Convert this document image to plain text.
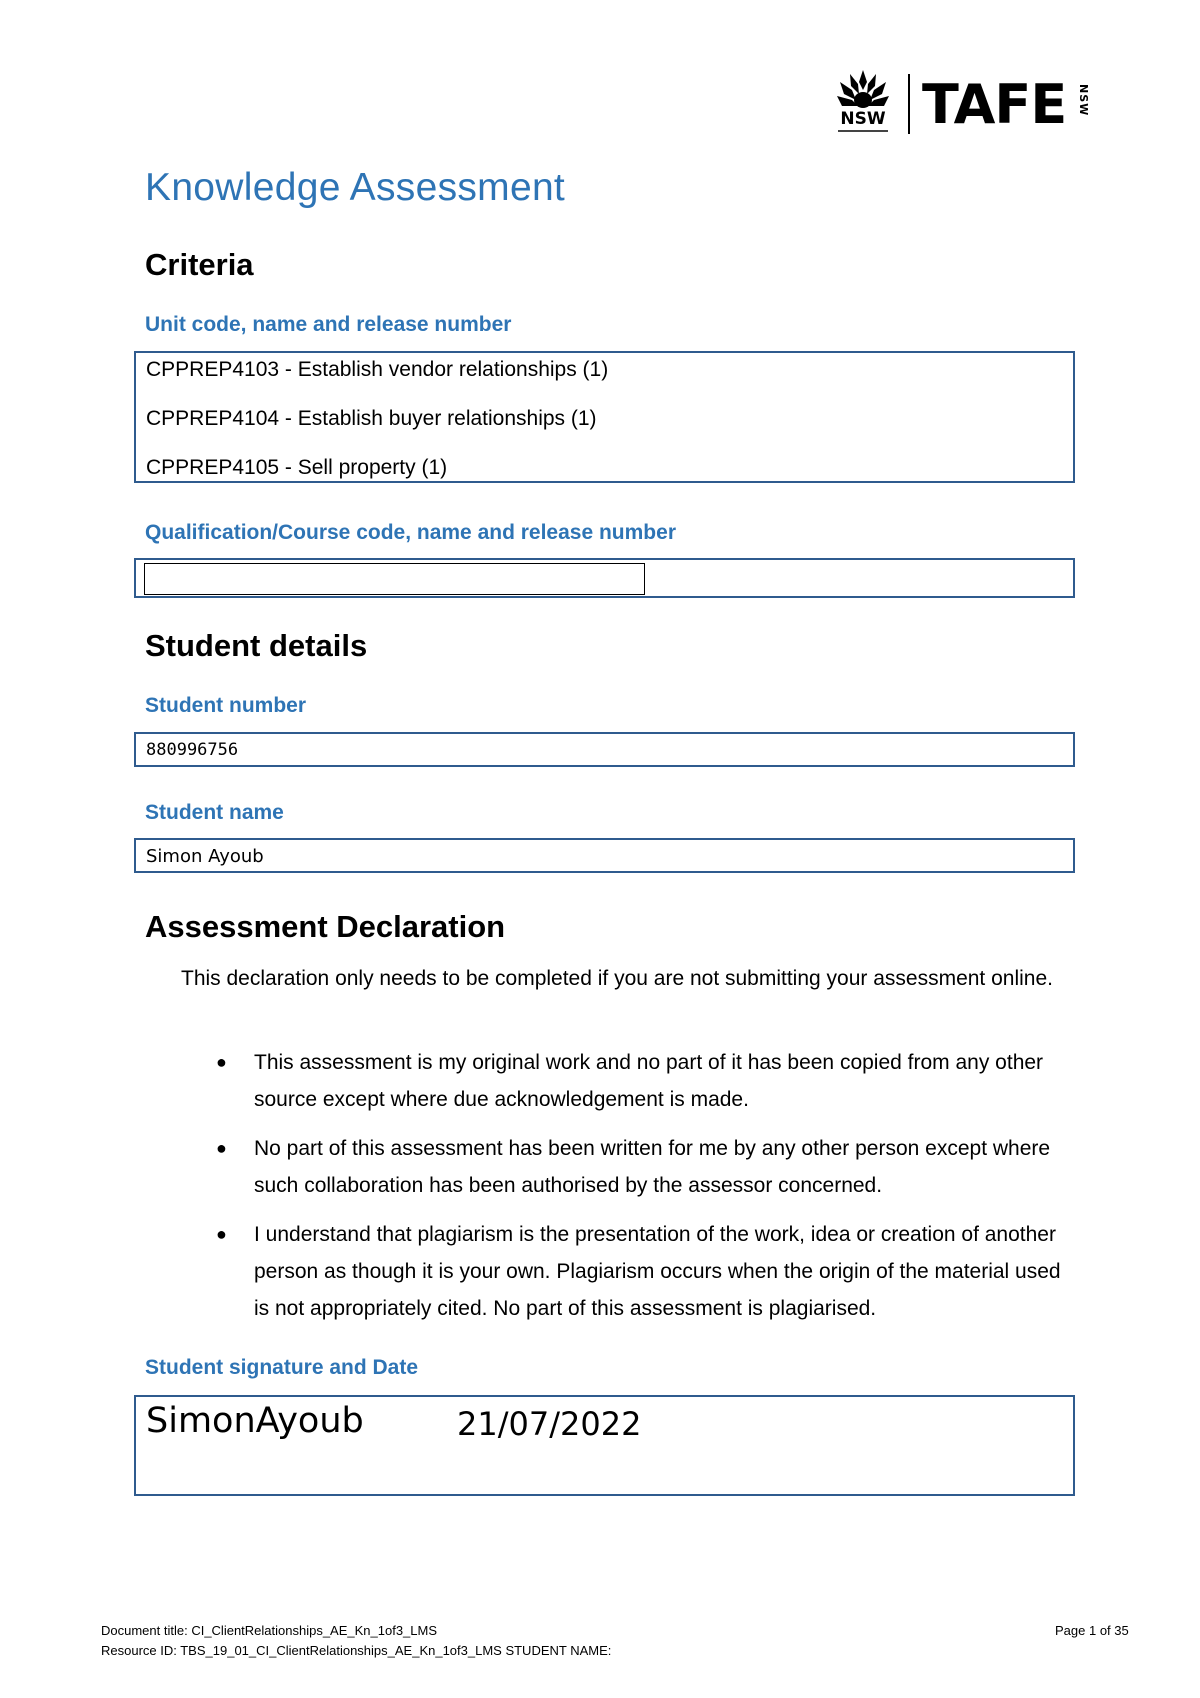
NSW TAFE NSW
Knowledge Assessment
Criteria
Unit code, name and release number
CPPREP4103 - Establish vendor relationships (1)
CPPREP4104 - Establish buyer relationships (1)
CPPREP4105 - Sell property (1)
Qualification/Course code, name and release number
Student details
Student number
880996756
Student name
Simon Ayoub
Assessment Declaration
This declaration only needs to be completed if you are not submitting your assessment online.
● This assessment is my original work and no part of it has been copied from any other source except where due acknowledgement is made.
● No part of this assessment has been written for me by any other person except where such collaboration has been authorised by the assessor concerned.
● I understand that plagiarism is the presentation of the work, idea or creation of another person as though it is your own. Plagiarism occurs when the origin of the material used is not appropriately cited. No part of this assessment is plagiarised.
Student signature and Date
SimonAyoub	21/07/2022
Document title: CI_ClientRelationships_AE_Kn_1of3_LMS
Resource ID: TBS_19_01_CI_ClientRelationships_AE_Kn_1of3_LMS STUDENT NAME:
Page 1 of 35
